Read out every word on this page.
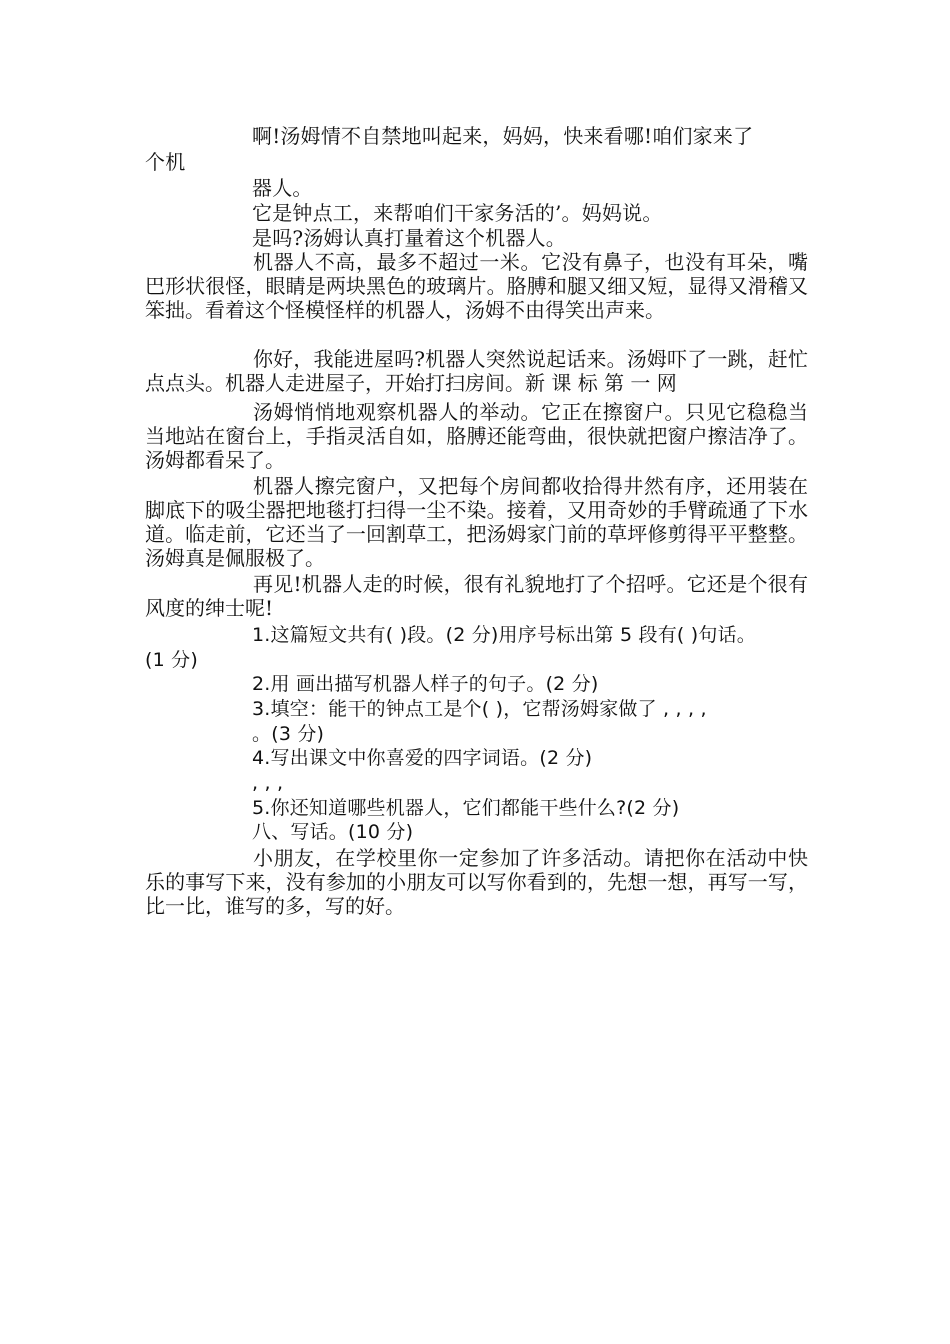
啊!汤姆情不自禁地叫起来，妈妈，快来看哪!咱们家来了
个机
器人。
它是钟点工，来帮咱们干家务活的’。妈妈说。
是吗?汤姆认真打量着这个机器人。
机器人不高，最多不超过一米。它没有鼻子，也没有耳朵，嘴巴形状很怪，眼睛是两块黑色的玻璃片。胳膊和腿又细又短，显得又滑稽又笨拙。看着这个怪模怪样的机器人，汤姆不由得笑出声来。
你好，我能进屋吗?机器人突然说起话来。汤姆吓了一跳，赶忙点点头。机器人走进屋子，开始打扫房间。新 课 标 第 一 网
汤姆悄悄地观察机器人的举动。它正在擦窗户。只见它稳稳当当地站在窗台上，手指灵活自如，胳膊还能弯曲，很快就把窗户擦洁净了。汤姆都看呆了。
机器人擦完窗户，又把每个房间都收拾得井然有序，还用装在脚底下的吸尘器把地毯打扫得一尘不染。接着，又用奇妙的手臂疏通了下水道。临走前，它还当了一回割草工，把汤姆家门前的草坪修剪得平平整整。汤姆真是佩服极了。
再见!机器人走的时候，很有礼貌地打了个招呼。它还是个很有风度的绅士呢!
1.这篇短文共有( )段。(2 分)用序号标出第 5 段有( )句话。
(1 分)
2.用 画出描写机器人样子的句子。(2 分)
3.填空：能干的钟点工是个( )，它帮汤姆家做了 , , , ,
。(3 分)
4.写出课文中你喜爱的四字词语。(2 分)
, , ,
5.你还知道哪些机器人，它们都能干些什么?(2 分)
八、写话。(10 分)
小朋友，在学校里你一定参加了许多活动。请把你在活动中快乐的事写下来，没有参加的小朋友可以写你看到的，先想一想，再写一写，比一比，谁写的多，写的好。
